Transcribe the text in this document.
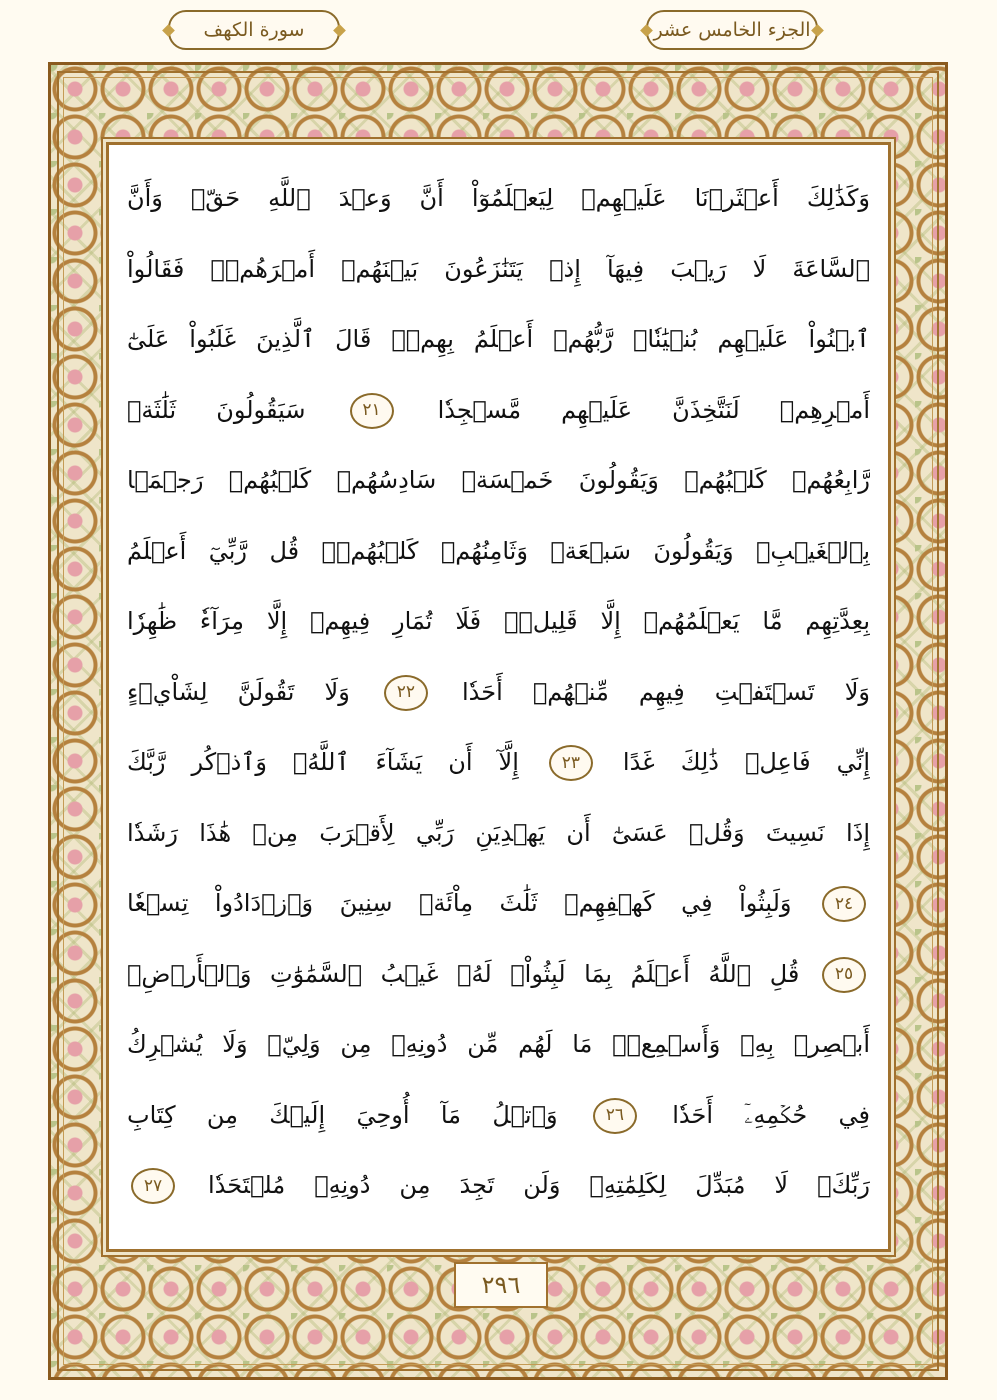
الجزء الخامس عشر
سورة الكهف
وَكَذَٰلِكَ أَعۡثَرۡنَا عَلَيۡهِمۡ لِيَعۡلَمُوٓاْ أَنَّ وَعۡدَ ٱللَّهِ حَقّٞ وَأَنَّ
ٱلسَّاعَةَ لَا رَيۡبَ فِيهَآ إِذۡ يَتَنَٰزَعُونَ بَيۡنَهُمۡ أَمۡرَهُمۡۖ فَقَالُواْ
ٱبۡنُواْ عَلَيۡهِم بُنۡيَٰنٗاۖ رَّبُّهُمۡ أَعۡلَمُ بِهِمۡۚ قَالَ ٱلَّذِينَ غَلَبُواْ عَلَىٰٓ
أَمۡرِهِمۡ لَنَتَّخِذَنَّ عَلَيۡهِم مَّسۡجِدٗا ٢١ سَيَقُولُونَ ثَلَٰثَةٞ
رَّابِعُهُمۡ كَلۡبُهُمۡ وَيَقُولُونَ خَمۡسَةٞ سَادِسُهُمۡ كَلۡبُهُمۡ رَجۡمَۢا
بِٱلۡغَيۡبِۖ وَيَقُولُونَ سَبۡعَةٞ وَثَامِنُهُمۡ كَلۡبُهُمۡۚ قُل رَّبِّيٓ أَعۡلَمُ
بِعِدَّتِهِم مَّا يَعۡلَمُهُمۡ إِلَّا قَلِيلٞۗ فَلَا تُمَارِ فِيهِمۡ إِلَّا مِرَآءٗ ظَٰهِرٗا
وَلَا تَسۡتَفۡتِ فِيهِم مِّنۡهُمۡ أَحَدٗا ٢٢ وَلَا تَقُولَنَّ لِشَاْيۡءٍ
إِنِّي فَاعِلٞ ذَٰلِكَ غَدًا ٢٣ إِلَّآ أَن يَشَآءَ ٱللَّهُۚ وَٱذۡكُر رَّبَّكَ
إِذَا نَسِيتَ وَقُلۡ عَسَىٰٓ أَن يَهۡدِيَنِ رَبِّي لِأَقۡرَبَ مِنۡ هَٰذَا رَشَدٗا
٢٤ وَلَبِثُواْ فِي كَهۡفِهِمۡ ثَلَٰثَ مِاْئَةٖ سِنِينَ وَٱزۡدَادُواْ تِسۡعٗا
٢٥ قُلِ ٱللَّهُ أَعۡلَمُ بِمَا لَبِثُواْۖ لَهُۥ غَيۡبُ ٱلسَّمَٰوَٰتِ وَٱلۡأَرۡضِۖ
أَبۡصِرۡ بِهِۦ وَأَسۡمِعۡۚ مَا لَهُم مِّن دُونِهِۦ مِن وَلِيّٖ وَلَا يُشۡرِكُ
فِي حُكۡمِهِۦٓ أَحَدٗا ٢٦ وَٱتۡلُ مَآ أُوحِيَ إِلَيۡكَ مِن كِتَابِ
رَبِّكَۖ لَا مُبَدِّلَ لِكَلِمَٰتِهِۦ وَلَن تَجِدَ مِن دُونِهِۦ مُلۡتَحَدٗا ٢٧
٢٩٦
